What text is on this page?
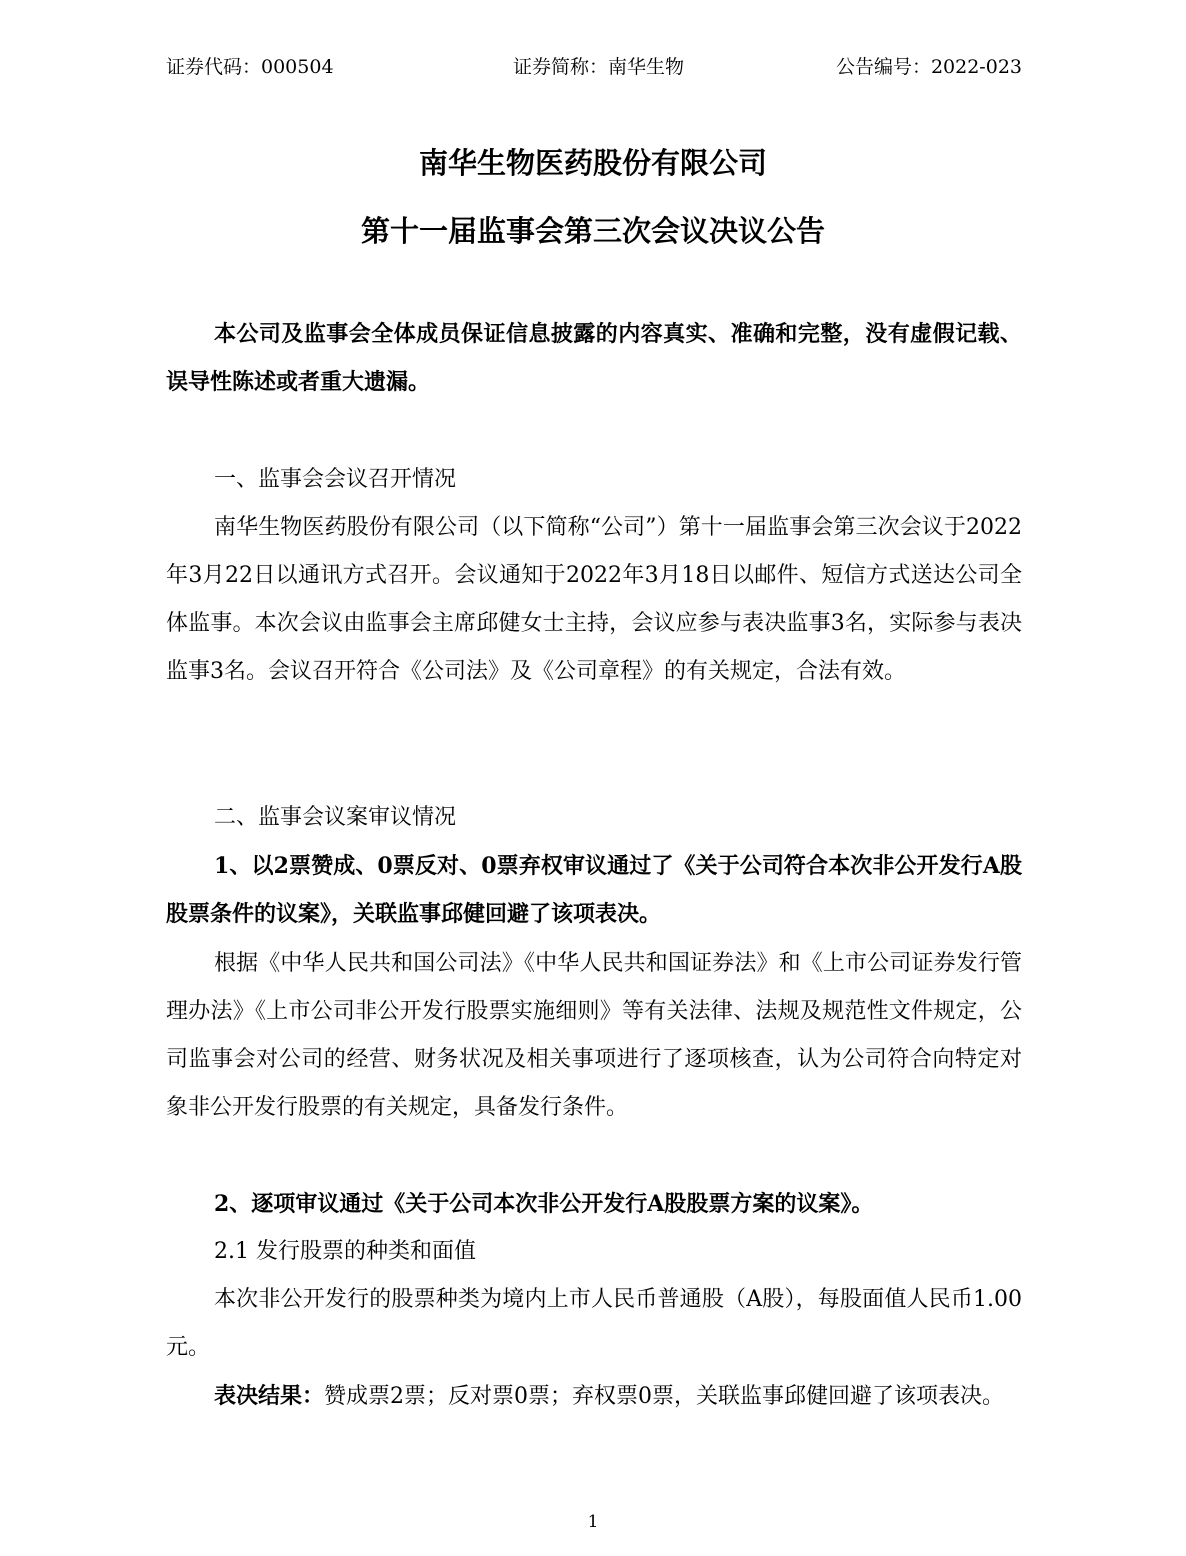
证券代码：000504	证券简称：南华生物	公告编号：2022-023
南华生物医药股份有限公司
第十一届监事会第三次会议决议公告

本公司及监事会全体成员保证信息披露的内容真实、准确和完整，没有虚假记载、误导性陈述或者重大遗漏。

一、监事会会议召开情况

南华生物医药股份有限公司（以下简称“公司”）第十一届监事会第三次会议于2022年3月22日以通讯方式召开。会议通知于2022年3月18日以邮件、短信方式送达公司全体监事。本次会议由监事会主席邱健女士主持，会议应参与表决监事3名，实际参与表决监事3名。会议召开符合《公司法》及《公司章程》的有关规定，合法有效。

二、监事会议案审议情况

1、以2票赞成、0票反对、0票弃权审议通过了《关于公司符合本次非公开发行A股股票条件的议案》，关联监事邱健回避了该项表决。

根据《中华人民共和国公司法》《中华人民共和国证券法》和《上市公司证券发行管理办法》《上市公司非公开发行股票实施细则》等有关法律、法规及规范性文件规定，公司监事会对公司的经营、财务状况及相关事项进行了逐项核查，认为公司符合向特定对象非公开发行股票的有关规定，具备发行条件。

2、逐项审议通过《关于公司本次非公开发行A股股票方案的议案》。

2.1 发行股票的种类和面值

本次非公开发行的股票种类为境内上市人民币普通股（A股），每股面值人民币1.00元。

表决结果：赞成票2票；反对票0票；弃权票0票，关联监事邱健回避了该项表决。

1
